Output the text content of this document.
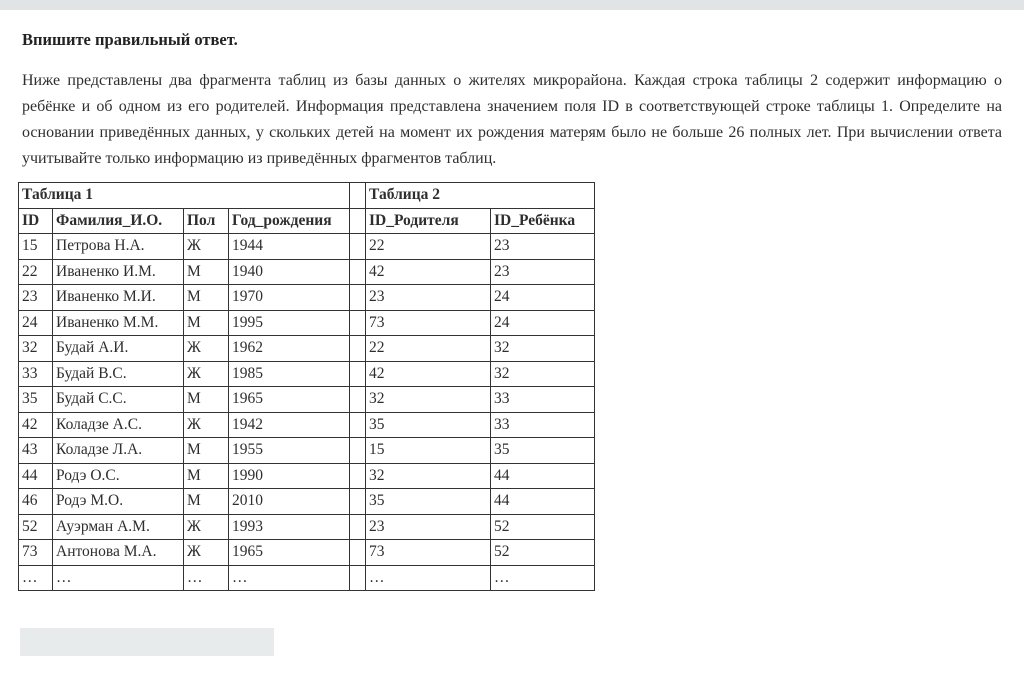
Впишите правильный ответ.
Ниже представлены два фрагмента таблиц из базы данных о жителях микрорайона. Каждая строка таблицы 2 содержит информацию о ребёнке и об одном из его родителей. Информация представлена значением поля ID в соответствующей строке таблицы 1. Определите на основании приведённых данных, у скольких детей на момент их рождения матерям было не больше 26 полных лет. При вычислении ответа учитывайте только информацию из приведённых фрагментов таблиц.
Таблица 1					Таблица 2	
ID	Фамилия_И.О.	Пол	Год_рождения		ID_Родителя	ID_Ребёнка
15	Петрова Н.А.	Ж	1944		22	23
22	Иваненко И.М.	М	1940		42	23
23	Иваненко М.И.	М	1970		23	24
24	Иваненко М.М.	М	1995		73	24
32	Будай А.И.	Ж	1962		22	32
33	Будай В.С.	Ж	1985		42	32
35	Будай С.С.	М	1965		32	33
42	Коладзе А.С.	Ж	1942		35	33
43	Коладзе Л.А.	М	1955		15	35
44	Родэ О.С.	М	1990		32	44
46	Родэ М.О.	М	2010		35	44
52	Ауэрман А.М.	Ж	1993		23	52
73	Антонова М.А.	Ж	1965		73	52
…	…	…	…		…	…
